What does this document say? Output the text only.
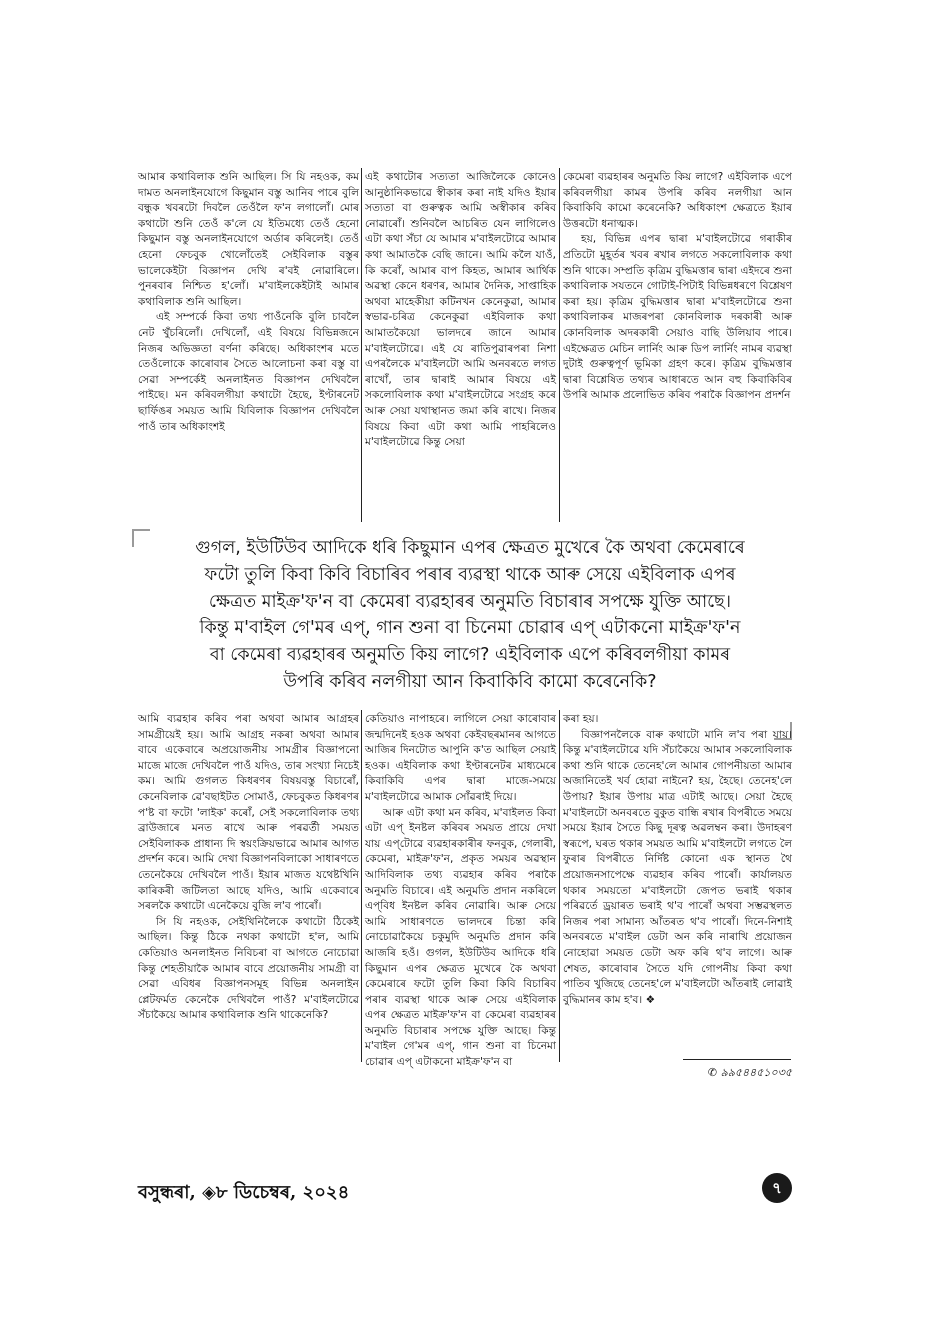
আমাৰ কথাবিলাক শুনি আছিল। সি যি নহওক, কম দামত অনলাইনযোগে কিছুমান বস্তু আনিব পাৰে বুলি বন্ধুক খবৰটো দিবলৈ তেওঁলৈ ফ'ন লগালোঁ। মোৰ কথাটো শুনি তেওঁ ক'লে যে ইতিমধ্যে তেওঁ হেনো কিছুমান বস্তু অনলাইনযোগে অৰ্ডাৰ কৰিলেই। তেওঁ হেনো ফেচবুক খোলোঁতেই সেইবিলাক বস্তুৰ ভালেকেইটা বিজ্ঞাপন দেখি ৰ'বই নোৱাৰিলে। পুনৰবাৰ নিশ্চিত হ'লোঁ। ম'বাইলকেইটাই আমাৰ কথাবিলাক শুনি আছিল।

এই সম্পৰ্কে কিবা তথ্য পাওঁনেকি বুলি চাবলৈ নেট খুঁচৰিলোঁ। দেখিলোঁ, এই বিষয়ে বিভিন্নজনে নিজৰ অভিজ্ঞতা বৰ্ণনা কৰিছে। অধিকাংশৰ মতে তেওঁলোকে কাৰোবাৰ সৈতে আলোচনা কৰা বস্তু বা সেৱা সম্পৰ্কেই অনলাইনত বিজ্ঞাপন দেখিবলৈ পাইছে। মন কৰিবলগীয়া কথাটো হৈছে, ইণ্টাৰনেট ছাৰ্ফিঙৰ সময়ত আমি যিবিলাক বিজ্ঞাপন দেখিবলৈ পাওঁ তাৰ অধিকাংশই

এই কথাটোৰ সত্যতা আজিলৈকে কোনেও আনুষ্ঠানিকভাৱে স্বীকাৰ কৰা নাই যদিও ইয়াৰ সত্যতা বা গুৰুত্বক আমি অস্বীকাৰ কৰিব নোৱাৰোঁ। শুনিবলৈ আচৰিত যেন লাগিলেও এটা কথা সঁচা যে আমাৰ ম'বাইলটোৱে আমাৰ কথা আমাতকৈ বেছি জানে। আমি কলৈ যাওঁ, কি কৰোঁ, আমাৰ বাপ কিহত, আমাৰ আৰ্থিক অৱস্থা কেনে ধৰণৰ, আমাৰ দৈনিক, সাপ্তাহিক অথবা মাহেকীয়া কটিনখন কেনেকুৱা, আমাৰ স্বভাৱ-চৰিত্ৰ কেনেকুৱা এইবিলাক কথা আমাতকৈয়ো ভালদৰে জানে আমাৰ ম'বাইলটোৱে। এই যে ৰাতিপুৱাৰপৰা নিশা এপৰলৈকে ম'বাইলটো আমি অনবৰতে লগত ৰাখোঁ, তাৰ দ্বাৰাই আমাৰ বিষয়ে এই সকলোবিলাক কথা ম'বাইলটোৱে সংগ্ৰহ কৰে আৰু সেয়া যথাস্থানত জমা কৰি ৰাখে। নিজৰ বিষয়ে কিবা এটা কথা আমি পাহৰিলেও ম'বাইলটোৱে কিন্তু সেয়া

কেমেৰা ব্যৱহাৰৰ অনুমতি কিয় লাগে? এইবিলাক এপে কৰিবলগীয়া কামৰ উপৰি কৰিব নলগীয়া আন কিবাকিবি কামো কৰেনেকি? অধিকাংশ ক্ষেত্ৰতে ইয়াৰ উত্তৰটো ধনাত্মক।

হয়, বিভিন্ন এপৰ দ্বাৰা ম'বাইলটোৱে গৰাকীৰ প্ৰতিটো মুহূৰ্তৰ খবৰ ৰখাৰ লগতে সকলোবিলাক কথা শুনি থাকে। সম্প্ৰতি কৃত্ৰিম বুদ্ধিমত্তাৰ দ্বাৰা এইদৰে শুনা কথাবিলাক সযতনে গোটাই-পিটাই বিভিন্নধৰণে বিশ্লেষণ কৰা হয়। কৃত্ৰিম বুদ্ধিমত্তাৰ দ্বাৰা ম'বাইলটোৱে শুনা কথাবিলাকৰ মাজৰপৰা কোনবিলাক দৰকাৰী আৰু কোনবিলাক অদৰকাৰী সেয়াও বাছি উলিয়াব পাৰে। এইক্ষেত্ৰত মেচিন লাৰ্নিং আৰু ডিপ লাৰ্নিং নামৰ ব্যৱস্থা দুটাই গুৰুত্বপূৰ্ণ ভূমিকা গ্ৰহণ কৰে। কৃত্ৰিম বুদ্ধিমত্তাৰ দ্বাৰা বিশ্লেষিত তথ্যৰ আধাৰতে আন বহু কিবাকিবিৰ উপৰি আমাক প্ৰলোভিত কৰিব পৰাকৈ বিজ্ঞাপন প্ৰদৰ্শন

গুগল, ইউটিউব আদিকে ধৰি কিছুমান এপৰ ক্ষেত্ৰত মুখেৰে কৈ অথবা কেমেৰাৰে

ফটো তুলি কিবা কিবি বিচাৰিব পৰাৰ ব্যৱস্থা থাকে আৰু সেয়ে এইবিলাক এপৰ

ক্ষেত্ৰত মাইক্ৰ'ফ'ন বা কেমেৰা ব্যৱহাৰৰ অনুমতি বিচাৰাৰ সপক্ষে যুক্তি আছে।

কিন্তু ম'বাইল গে'মৰ এপ্, গান শুনা বা চিনেমা চোৱাৰ এপ্ এটাকনো মাইক্ৰ'ফ'ন

বা কেমেৰা ব্যৱহাৰৰ অনুমতি কিয় লাগে? এইবিলাক এপে কৰিবলগীয়া কামৰ

উপৰি কৰিব নলগীয়া আন কিবাকিবি কামো কৰেনেকি?

আমি ব্যৱহাৰ কৰিব পৰা অথবা আমাৰ আগ্ৰহৰ সামগ্ৰীয়েই হয়। আমি আগ্ৰহ নকৰা অথবা আমাৰ বাবে একেবাৰে অপ্ৰয়োজনীয় সামগ্ৰীৰ বিজ্ঞাপনো মাজে মাজে দেখিবলৈ পাওঁ যদিও, তাৰ সংখ্যা নিচেই কম। আমি গুগলত কিধৰণৰ বিষয়বস্তু বিচাৰোঁ, কেনেবিলাক ৱে'বছাইটত সোমাওঁ, ফেচবুকত কিধৰণৰ প'ষ্ট বা ফটো 'লাইক' কৰোঁ, সেই সকলোবিলাক তথ্য ব্ৰাউজাৰে মনত ৰাখে আৰু পৰৱৰ্তী সময়ত সেইবিলাকক প্ৰাধান্য দি স্বয়ংক্ৰিয়ভাৱে আমাৰ আগত প্ৰদৰ্শন কৰে। আমি দেখা বিজ্ঞাপনবিলাকো সাধাৰণতে তেনেকৈয়ে দেখিবলৈ পাওঁ। ইয়াৰ মাজত যথেষ্টখিনি কাৰিকৰী জটিলতা আছে যদিও, আমি একেবাৰে সৰলকৈ কথাটো এনেকৈয়ে বুজি ল'ব পাৰোঁ।

সি যি নহওক, সেইখিনিলৈকে কথাটো ঠিকেই আছিল। কিন্তু ঠিকে নথকা কথাটো হ'ল, আমি কেতিয়াও অনলাইনত নিবিচৰা বা আগতে নোচোৱা কিন্তু শেহতীয়াকৈ আমাৰ বাবে প্ৰয়োজনীয় সামগ্ৰী বা সেৱা এবিধৰ বিজ্ঞাপনসমূহ বিভিন্ন অনলাইন প্লেটফৰ্মত কেনেকৈ দেখিবলৈ পাওঁ? ম'বাইলটোৱে সঁচাকৈয়ে আমাৰ কথাবিলাক শুনি থাকেনেকি?

কেতিয়াও নাপাহৰে। লাগিলে সেয়া কাৰোবাৰ জন্মদিনেই হওক অথবা কেইবছৰমানৰ আগতে আজিৰ দিনটোত আপুনি ক'ত আছিল সেয়াই হওক। এইবিলাক কথা ইণ্টাৰনেটৰ মাধ্যমেৰে কিবাকিবি এপৰ দ্বাৰা মাজে-সময়ে ম'বাইলটোৱে আমাক সোঁৱৰাই দিয়ে।

আৰু এটা কথা মন কৰিব, ম'বাইলত কিবা এটা এপ্ ইনষ্টল কৰিবৰ সময়ত প্ৰায়ে দেখা যায় এপ্‌টোৱে ব্যৱহাৰকাৰীৰ ফনবুক, গেলাৰী, কেমেৰা, মাইক্ৰ'ফ'ন, প্ৰকৃত সময়ৰ অৱস্থান আদিবিলাক তথ্য ব্যৱহাৰ কৰিব পৰাকৈ অনুমতি বিচাৰে। এই অনুমতি প্ৰদান নকৰিলে এপ্‌বিধ ইনষ্টল কৰিব নোৱাৰি। আৰু সেয়ে আমি সাধাৰণতে ভালদৰে চিন্তা কৰি নোচোৱাকৈয়ে চকুমুদি অনুমতি প্ৰদান কৰি আজৰি হওঁ। গুগল, ইউটিউব আদিকে ধৰি কিছুমান এপৰ ক্ষেত্ৰত মুখেৰে কৈ অথবা কেমেৰাৰে ফটো তুলি কিবা কিবি বিচাৰিব পৰাৰ ব্যৱস্থা থাকে আৰু সেয়ে এইবিলাক এপৰ ক্ষেত্ৰত মাইক্ৰ'ফ'ন বা কেমেৰা ব্যৱহাৰৰ অনুমতি বিচাৰাৰ সপক্ষে যুক্তি আছে। কিন্তু ম'বাইল গে'মৰ এপ্, গান শুনা বা চিনেমা চোৱাৰ এপ্ এটাকনো মাইক্ৰ'ফ'ন বা

কৰা হয়।

বিজ্ঞাপনলৈকে বাৰু কথাটো মানি ল'ব পৰা যায়। কিন্তু ম'বাইলটোৱে যদি সঁচাকৈয়ে আমাৰ সকলোবিলাক কথা শুনি থাকে তেনেহ'লে আমাৰ গোপনীয়তা আমাৰ অজানিতেই খৰ্ব হোৱা নাইনে? হয়, হৈছে। তেনেহ'লে উপায়? ইয়াৰ উপায় মাত্ৰ এটাই আছে। সেয়া হৈছে ম'বাইলটো অনবৰতে বুকুত বান্ধি ৰখাৰ বিপৰীতে সময়ে সময়ে ইয়াৰ সৈতে কিছু দূৰত্ব অৱলম্বন কৰা। উদাহৰণ স্বৰূপে, ঘৰত থকাৰ সময়ত আমি ম'বাইলটো লগতে লৈ ফুৰাৰ বিপৰীতে নিৰ্দিষ্ট কোনো এক স্থানত থৈ প্ৰয়োজনসাপেক্ষে ব্যৱহাৰ কৰিব পাৰোঁ। কাৰ্যালয়ত থকাৰ সময়তো ম'বাইলটো জেপত ভৰাই থকাৰ পৰিৱৰ্তে ড্ৰয়াৰত ভৰাই থ'ব পাৰোঁ অথবা সম্ভৱস্থলত নিজৰ পৰা সামান্য আঁতৰত থ'ব পাৰোঁ। দিনে-নিশাই অনবৰতে ম'বাইল ডেটা অন কৰি নাৰাখি প্ৰয়োজন নোহোৱা সময়ত ডেটা অফ কৰি থ'ব লাগে। আৰু শেষত, কাৰোবাৰ সৈতে যদি গোপনীয় কিবা কথা পাতিব খুজিছে তেনেহ'লে ম'বাইলটো আঁতৰাই লোৱাই বুদ্ধিমানৰ কাম হ'ব। ❖

✆ ৯৯৫৪৪৫১০৩৫
বসুন্ধৰা, ◈৮ ডিচেম্বৰ, ২০২৪	৭
